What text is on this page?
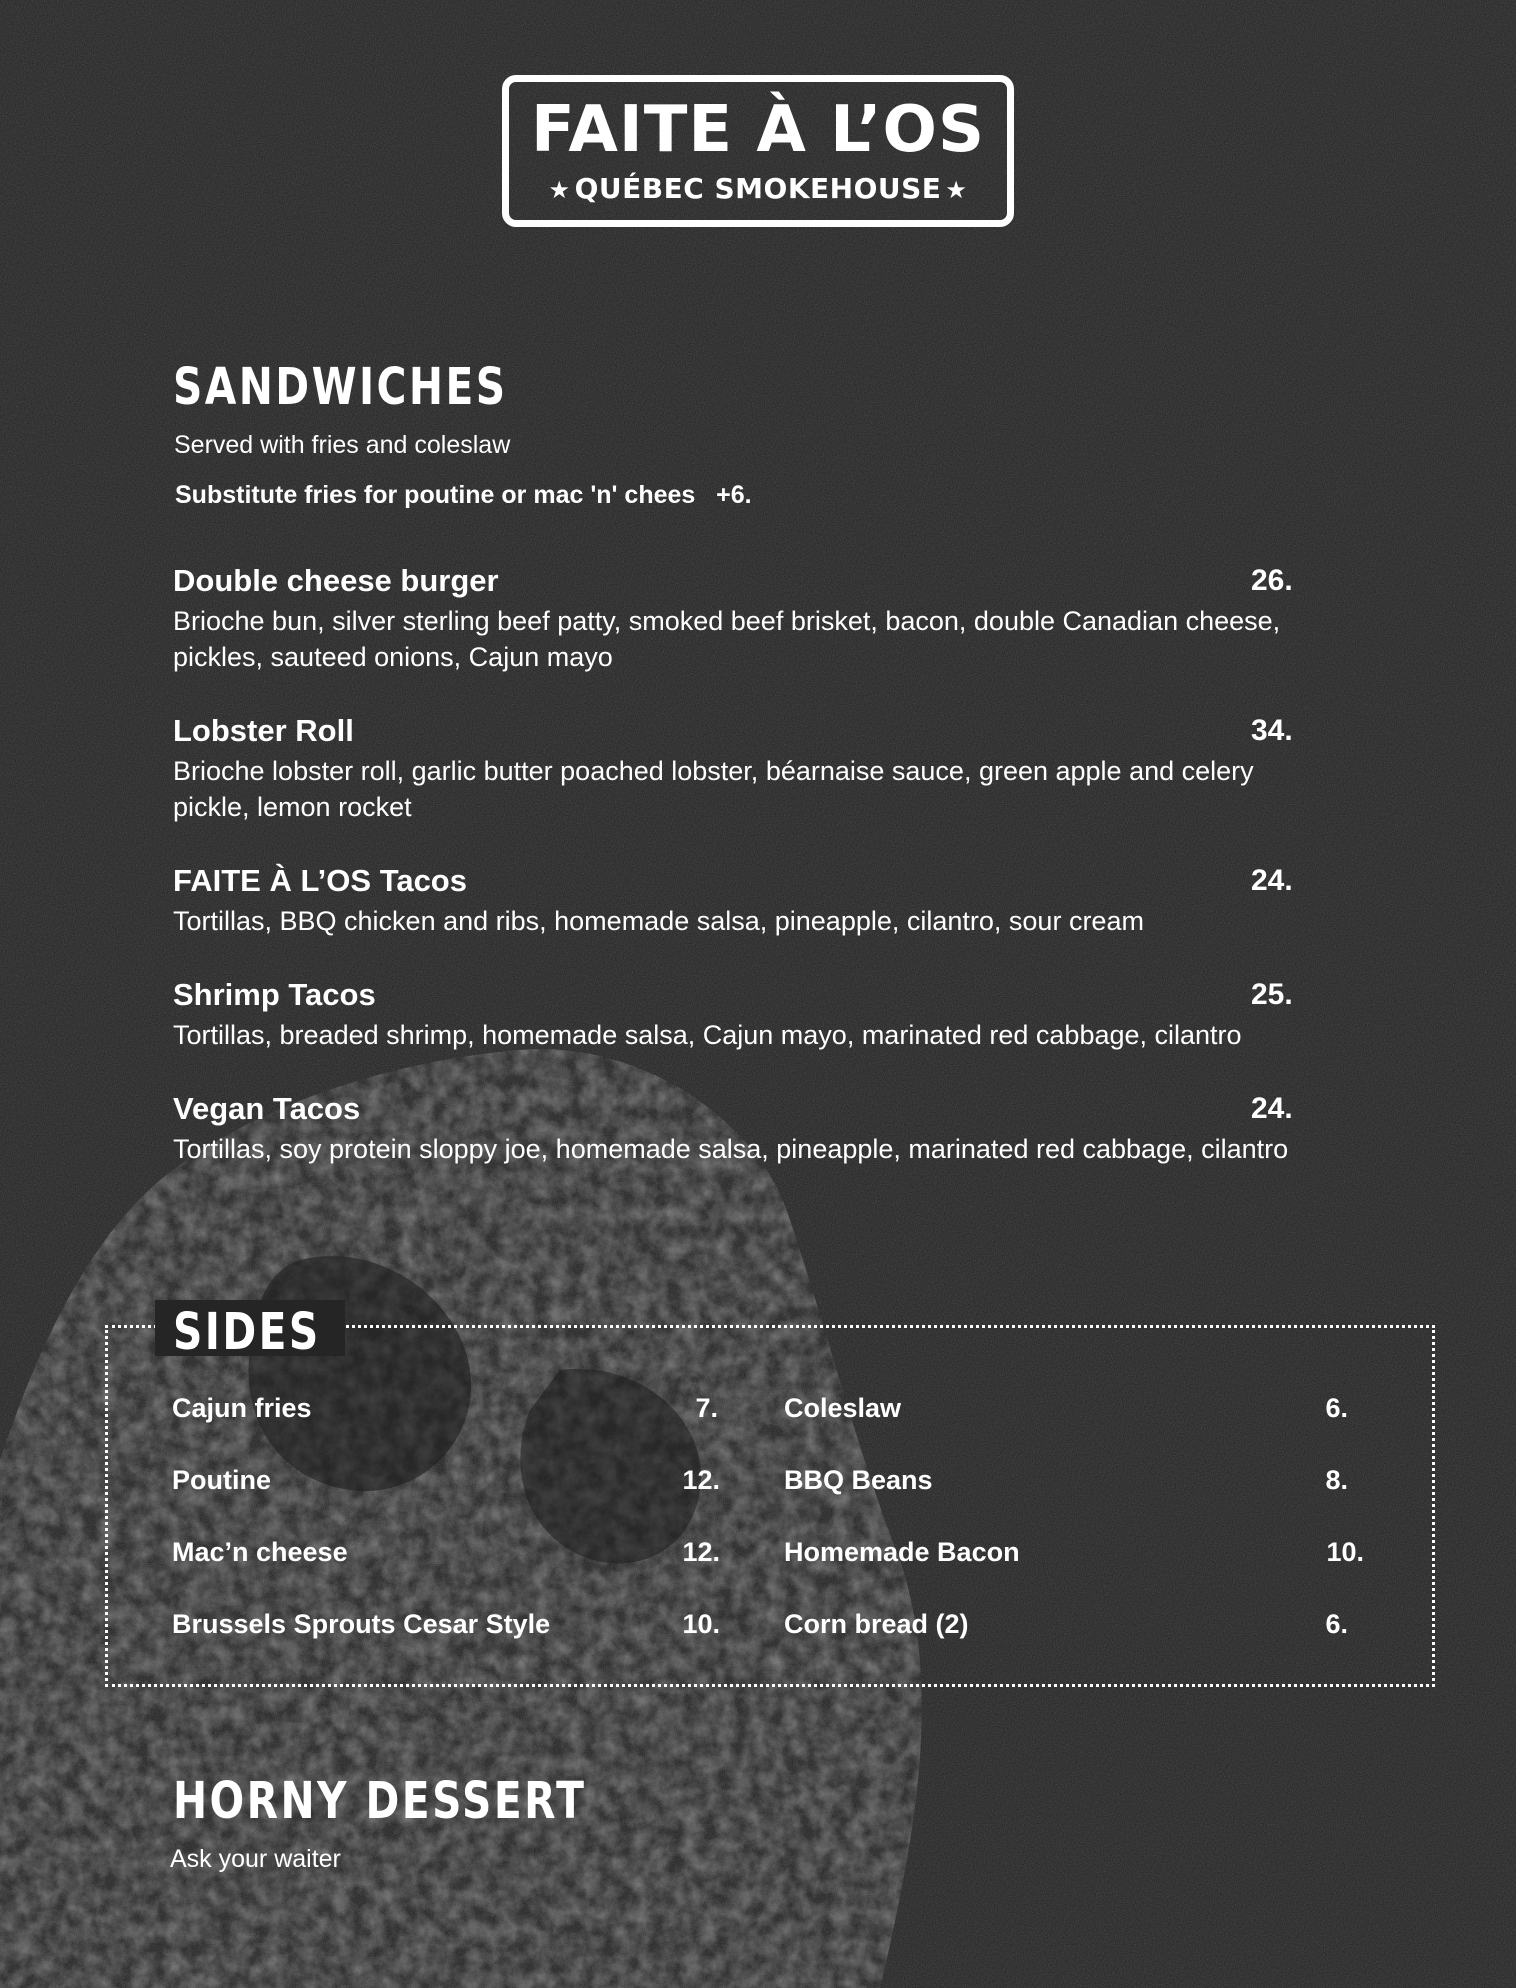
FAITE À L’OS
★ QUÉBEC SMOKEHOUSE ★
SANDWICHES
Served with fries and coleslaw
Substitute fries for poutine or mac 'n' chees +6.
Double cheese burger	26.
Brioche bun, silver sterling beef patty, smoked beef brisket, bacon, double Canadian cheese, pickles, sauteed onions, Cajun mayo
Lobster Roll	34.
Brioche lobster roll, garlic butter poached lobster, béarnaise sauce, green apple and celery pickle, lemon rocket
FAITE À L’OS Tacos	24.
Tortillas, BBQ chicken and ribs, homemade salsa, pineapple, cilantro, sour cream
Shrimp Tacos	25.
Tortillas, breaded shrimp, homemade salsa, Cajun mayo, marinated red cabbage, cilantro
Vegan Tacos	24.
Tortillas, soy protein sloppy joe, homemade salsa, pineapple, marinated red cabbage, cilantro
SIDES
Cajun fries	7.
Poutine	12.
Mac’n cheese	12.
Brussels Sprouts Cesar Style	10.
Coleslaw	6.
BBQ Beans	8.
Homemade Bacon	10.
Corn bread (2)	6.
HORNY DESSERT
Ask your waiter
